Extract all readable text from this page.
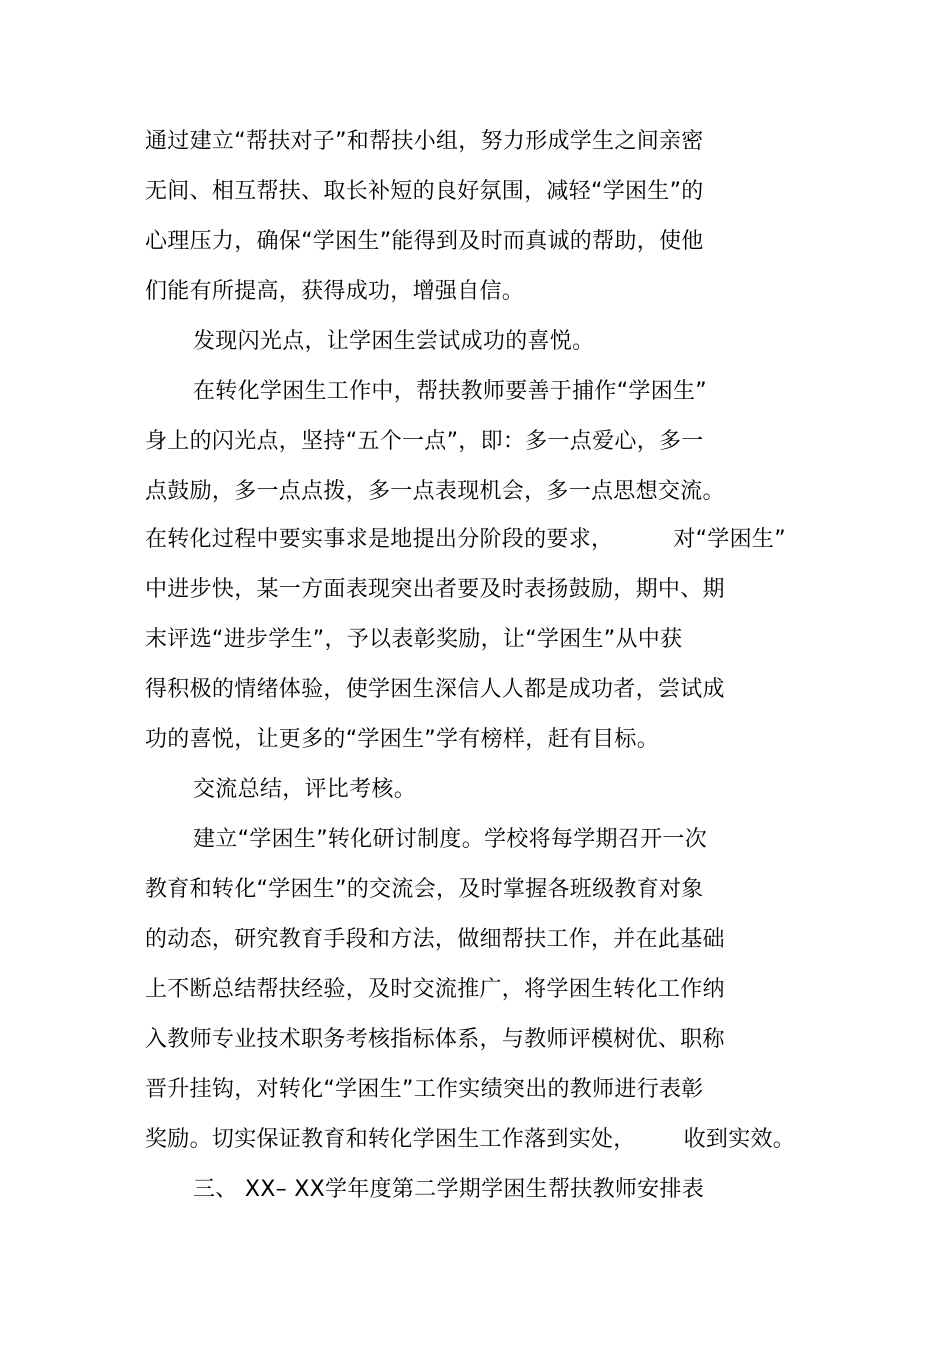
通过建立“帮扶对子”和帮扶小组，努力形成学生之间亲密
无间、相互帮扶、取长补短的良好氛围，减轻“学困生”的
心理压力，确保“学困生”能得到及时而真诚的帮助，使他
们能有所提高，获得成功，增强自信。
发现闪光点，让学困生尝试成功的喜悦。
在转化学困生工作中，帮扶教师要善于捕作“学困生”
身上的闪光点，坚持“五个一点”，即：多一点爱心，多一
点鼓励，多一点点拨，多一点表现机会，多一点思想交流。
在转化过程中要实事求是地提出分阶段的要求，	对“学困生”
中进步快，某一方面表现突出者要及时表扬鼓励，期中、期
末评选“进步学生”，予以表彰奖励，让“学困生”从中获
得积极的情绪体验，使学困生深信人人都是成功者，尝试成
功的喜悦，让更多的“学困生”学有榜样，赶有目标。
交流总结，评比考核。
建立“学困生”转化研讨制度。学校将每学期召开一次
教育和转化“学困生”的交流会，及时掌握各班级教育对象
的动态，研究教育手段和方法，做细帮扶工作，并在此基础
上不断总结帮扶经验，及时交流推广，将学困生转化工作纳
入教师专业技术职务考核指标体系，与教师评模树优、职称
晋升挂钩，对转化“学困生”工作实绩突出的教师进行表彰
奖励。切实保证教育和转化学困生工作落到实处， 收到实效。
三、 XX– XX学年度第二学期学困生帮扶教师安排表
